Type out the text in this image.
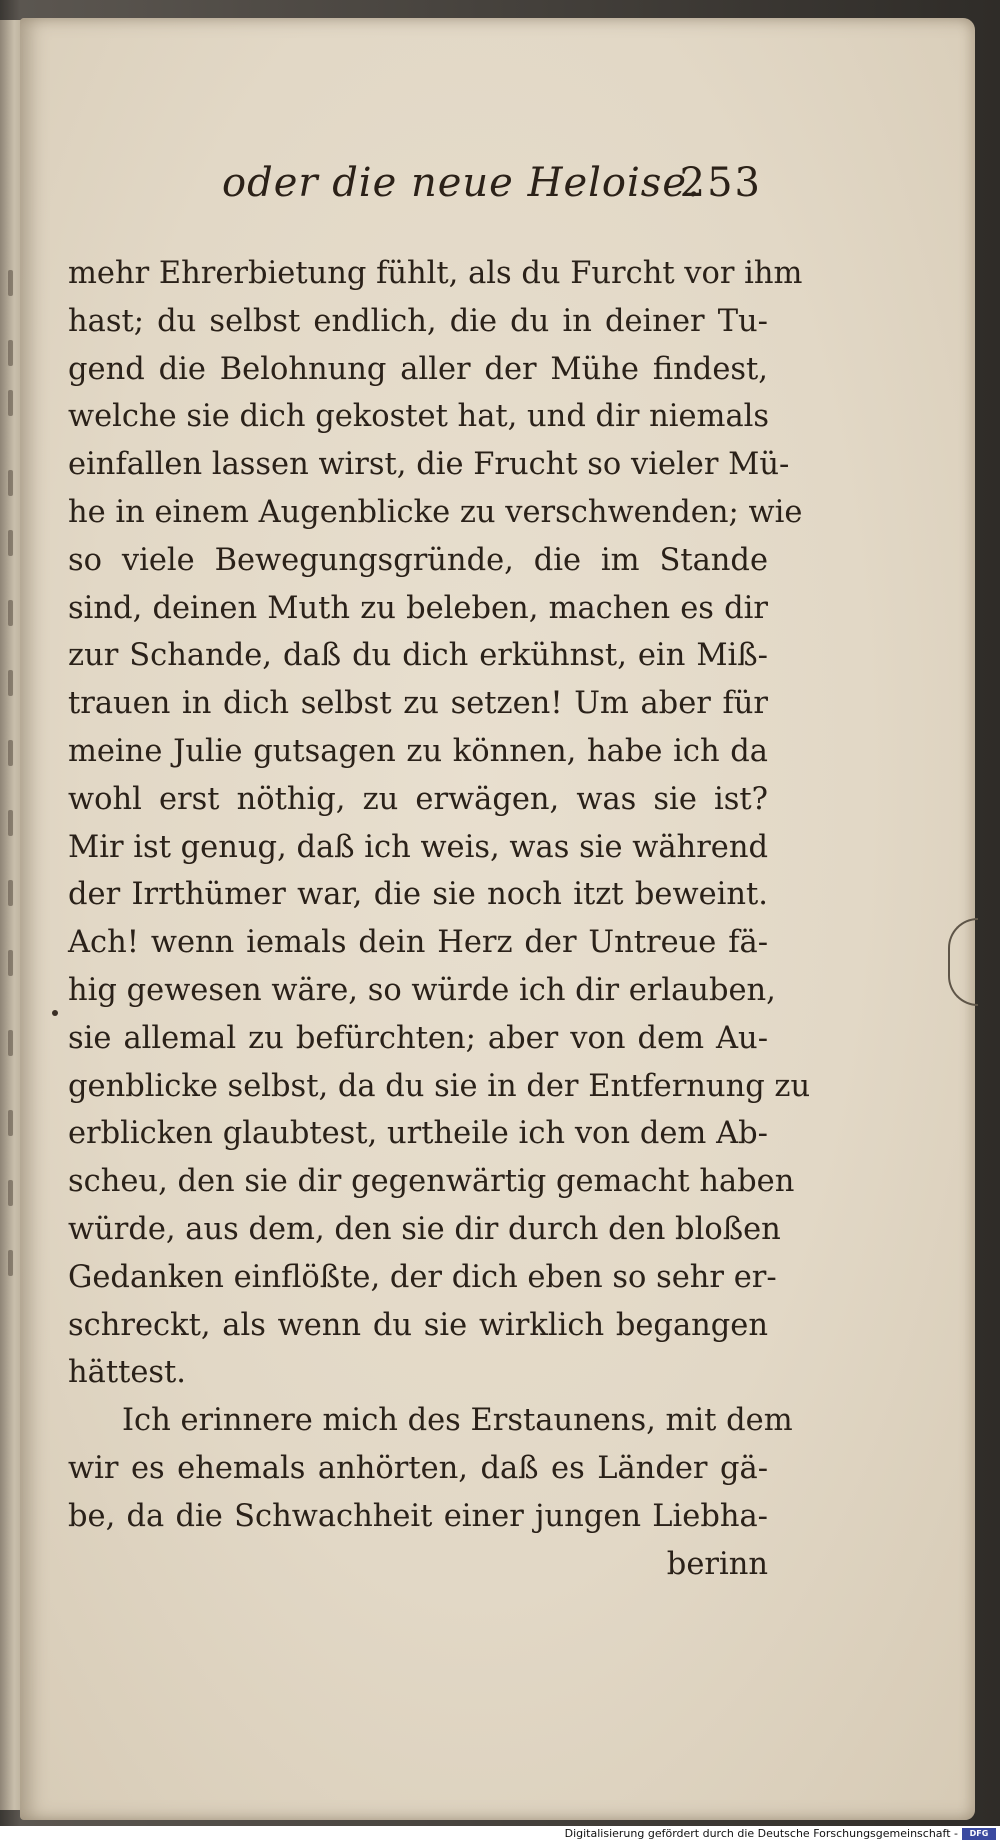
oder die neue Heloise.
253
mehr Ehrerbietung fühlt, als du Furcht vor ihm
hast; du selbst endlich, die du in deiner Tu-
gend die Belohnung aller der Mühe findest,
welche sie dich gekostet hat, und dir niemals
einfallen lassen wirst, die Frucht so vieler Mü-
he in einem Augenblicke zu verschwenden; wie
so viele Bewegungsgründe, die im Stande
sind, deinen Muth zu beleben, machen es dir
zur Schande, daß du dich erkühnst, ein Miß-
trauen in dich selbst zu setzen! Um aber für
meine Julie gutsagen zu können, habe ich da
wohl erst nöthig, zu erwägen, was sie ist?
Mir ist genug, daß ich weis, was sie während
der Irrthümer war, die sie noch itzt beweint.
Ach! wenn iemals dein Herz der Untreue fä-
hig gewesen wäre, so würde ich dir erlauben,
sie allemal zu befürchten; aber von dem Au-
genblicke selbst, da du sie in der Entfernung zu
erblicken glaubtest, urtheile ich von dem Ab-
scheu, den sie dir gegenwärtig gemacht haben
würde, aus dem, den sie dir durch den bloßen
Gedanken einflößte, der dich eben so sehr er-
schreckt, als wenn du sie wirklich begangen
hättest.
Ich erinnere mich des Erstaunens, mit dem
wir es ehemals anhörten, daß es Länder gä-
be, da die Schwachheit einer jungen Liebha-
berinn
Digitalisierung gefördert durch die Deutsche Forschungsgemeinschaft -	DFG
